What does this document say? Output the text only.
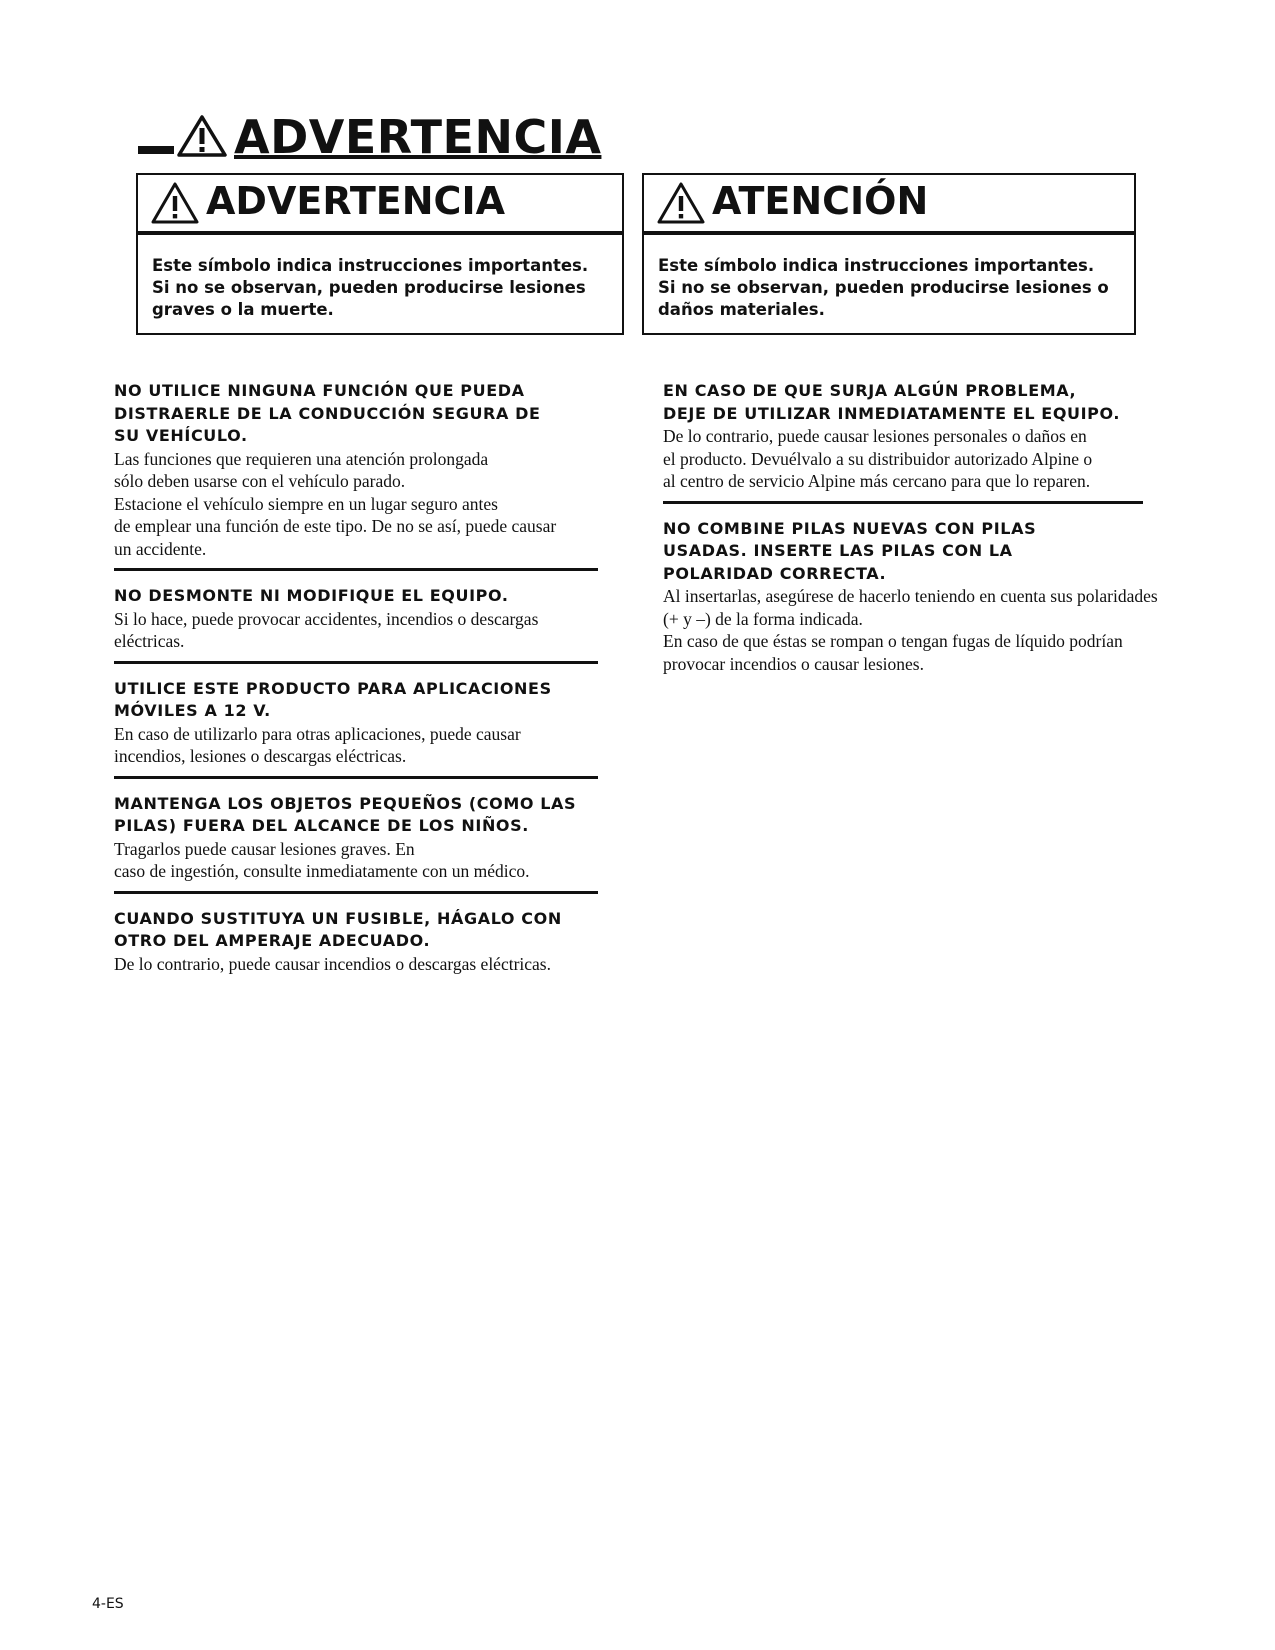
ADVERTENCIA
ADVERTENCIA
Este símbolo indica instrucciones importantes.
Si no se observan, pueden producirse lesiones
graves o la muerte.
ATENCIÓN
Este símbolo indica instrucciones importantes.
Si no se observan, pueden producirse lesiones o
daños materiales.
NO UTILICE NINGUNA FUNCIÓN QUE PUEDA
DISTRAERLE DE LA CONDUCCIÓN SEGURA DE
SU VEHÍCULO.
Las funciones que requieren una atención prolongada
sólo deben usarse con el vehículo parado.
Estacione el vehículo siempre en un lugar seguro antes
de emplear una función de este tipo. De no se así, puede causar
un accidente.
NO DESMONTE NI MODIFIQUE EL EQUIPO.
Si lo hace, puede provocar accidentes, incendios o descargas
eléctricas.
UTILICE ESTE PRODUCTO PARA APLICACIONES
MÓVILES A 12 V.
En caso de utilizarlo para otras aplicaciones, puede causar
incendios, lesiones o descargas eléctricas.
MANTENGA LOS OBJETOS PEQUEÑOS (COMO LAS
PILAS) FUERA DEL ALCANCE DE LOS NIÑOS.
Tragarlos puede causar lesiones graves. En
caso de ingestión, consulte inmediatamente con un médico.
CUANDO SUSTITUYA UN FUSIBLE, HÁGALO CON
OTRO DEL AMPERAJE ADECUADO.
De lo contrario, puede causar incendios o descargas eléctricas.
EN CASO DE QUE SURJA ALGÚN PROBLEMA,
DEJE DE UTILIZAR INMEDIATAMENTE EL EQUIPO.
De lo contrario, puede causar lesiones personales o daños en
el producto. Devuélvalo a su distribuidor autorizado Alpine o
al centro de servicio Alpine más cercano para que lo reparen.
NO COMBINE PILAS NUEVAS CON PILAS
USADAS. INSERTE LAS PILAS CON LA
POLARIDAD CORRECTA.
Al insertarlas, asegúrese de hacerlo teniendo en cuenta sus polaridades
(+ y –) de la forma indicada.
En caso de que éstas se rompan o tengan fugas de líquido podrían
provocar incendios o causar lesiones.
4-ES
